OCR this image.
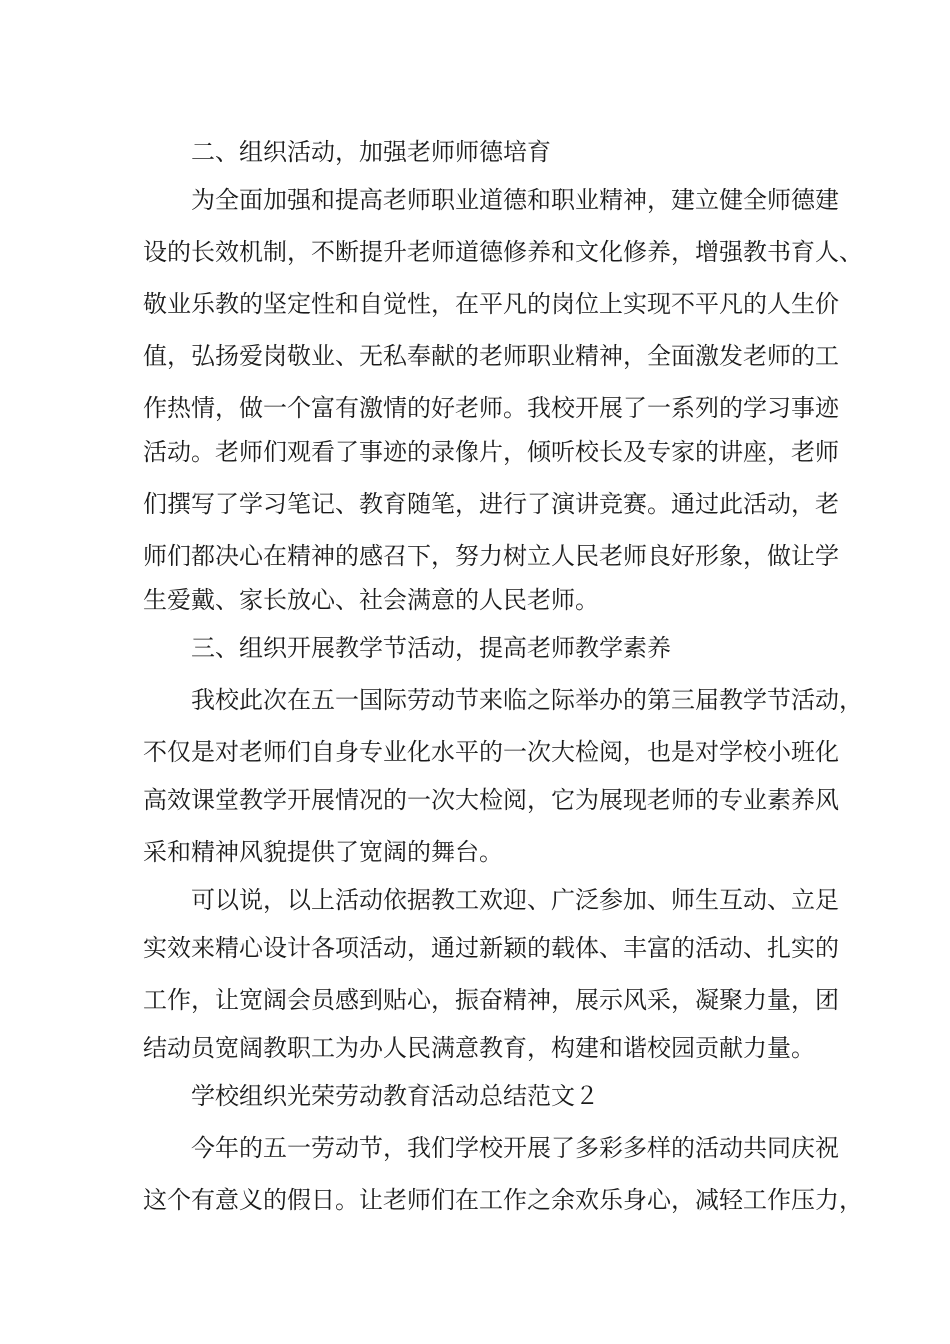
二、组织活动，加强老师师德培育
为全面加强和提高老师职业道德和职业精神，建立健全师德建
设的长效机制，不断提升老师道德修养和文化修养，增强教书育人、
敬业乐教的坚定性和自觉性，在平凡的岗位上实现不平凡的人生价
值，弘扬爱岗敬业、无私奉献的老师职业精神，全面激发老师的工
作热情，做一个富有激情的好老师。我校开展了一系列的学习事迹
活动。老师们观看了事迹的录像片，倾听校长及专家的讲座，老师
们撰写了学习笔记、教育随笔，进行了演讲竞赛。通过此活动，老
师们都决心在精神的感召下，努力树立人民老师良好形象，做让学
生爱戴、家长放心、社会满意的人民老师。
三、组织开展教学节活动，提高老师教学素养
我校此次在五一国际劳动节来临之际举办的第三届教学节活动，
不仅是对老师们自身专业化水平的一次大检阅，也是对学校小班化
高效课堂教学开展情况的一次大检阅，它为展现老师的专业素养风
采和精神风貌提供了宽阔的舞台。
可以说，以上活动依据教工欢迎、广泛参加、师生互动、立足
实效来精心设计各项活动，通过新颖的载体、丰富的活动、扎实的
工作，让宽阔会员感到贴心，振奋精神，展示风采，凝聚力量，团
结动员宽阔教职工为办人民满意教育，构建和谐校园贡献力量。
学校组织光荣劳动教育活动总结范文２
今年的五一劳动节，我们学校开展了多彩多样的活动共同庆祝
这个有意义的假日。让老师们在工作之余欢乐身心，减轻工作压力，
